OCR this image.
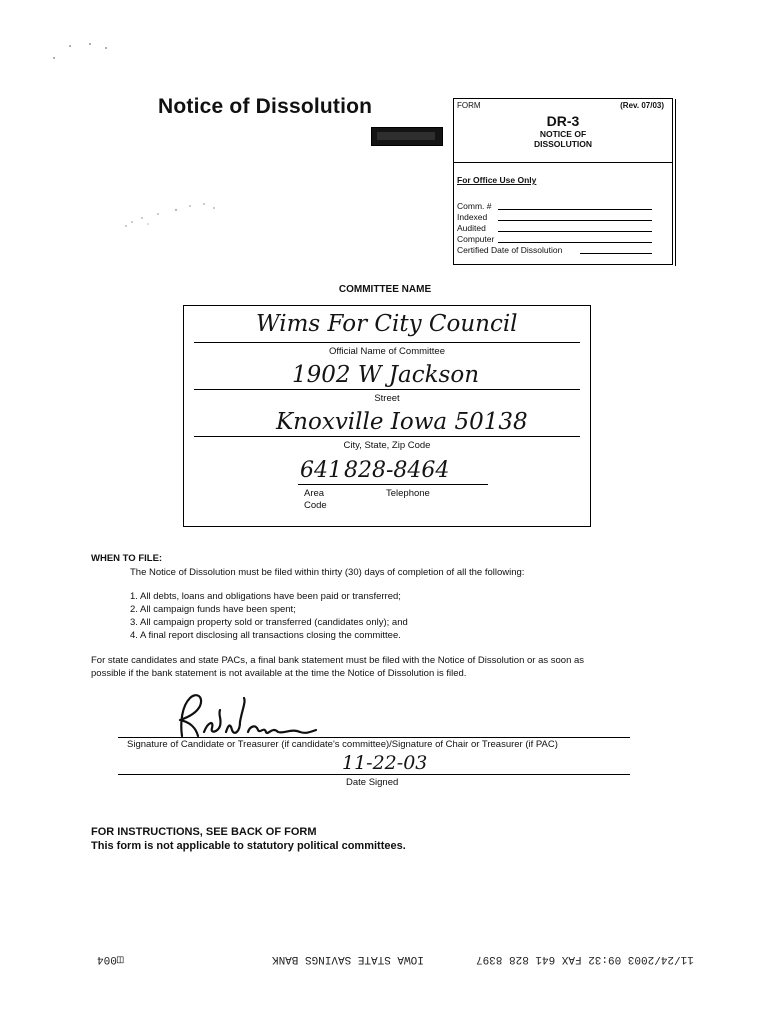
Notice of Dissolution	FORM	(Rev. 07/03)
DR-3
NOTICE OF
DISSOLUTION
For Office Use Only
Comm. #
Indexed
Audited
Computer
Certified Date of Dissolution
COMMITTEE NAME
Wims For City Council
Official Name of Committee
1902 W Jackson
Street
Knoxville Iowa 50138
City, State, Zip Code
641 828-8464
Area
Code
Telephone
WHEN TO FILE:
The Notice of Dissolution must be filed within thirty (30) days of completion of all the following:
1. All debts, loans and obligations have been paid or transferred;
2. All campaign funds have been spent;
3. All campaign property sold or transferred (candidates only); and
4. A final report disclosing all transactions closing the committee.
For state candidates and state PACs, a final bank statement must be filed with the Notice of Dissolution or as soon as
possible if the bank statement is not available at the time the Notice of Dissolution is filed.
Signature of Candidate or Treasurer (if candidate's committee)/Signature of Chair or Treasurer (if PAC)
11-22-03
Date Signed
FOR INSTRUCTIONS, SEE BACK OF FORM
This form is not applicable to statutory political committees.
11/24/2003 09:32 FAX 641 828 8397
IOWA STATE SAVINGS BANK
◫004
